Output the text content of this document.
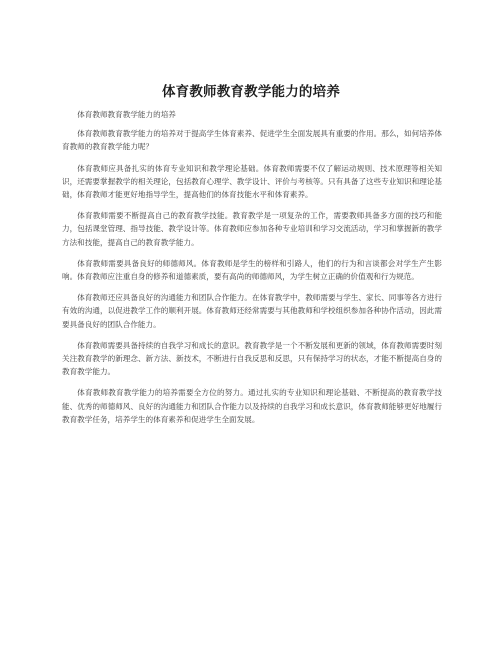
体育教师教育教学能力的培养

体育教师教育教学能力的培养

体育教师教育教学能力的培养对于提高学生体育素养、促进学生全面发展具有重要的作用。那么，如何培养体育教师的教育教学能力呢？

体育教师应具备扎实的体育专业知识和教学理论基础。体育教师需要不仅了解运动规则、技术原理等相关知识，还需要掌握教学的相关理论，包括教育心理学、教学设计、评价与考核等。只有具备了这些专业知识和理论基础，体育教师才能更好地指导学生，提高他们的体育技能水平和体育素养。

体育教师需要不断提高自己的教育教学技能。教育教学是一项复杂的工作，需要教师具备多方面的技巧和能力，包括课堂管理、指导技能、教学设计等。体育教师应参加各种专业培训和学习交流活动，学习和掌握新的教学方法和技能，提高自己的教育教学能力。

体育教师需要具备良好的师德师风。体育教师是学生的榜样和引路人，他们的行为和言谈都会对学生产生影响。体育教师应注重自身的修养和道德素质，要有高尚的师德师风，为学生树立正确的价值观和行为规范。

体育教师还应具备良好的沟通能力和团队合作能力。在体育教学中，教师需要与学生、家长、同事等各方进行有效的沟通，以促进教学工作的顺利开展。体育教师还经常需要与其他教师和学校组织参加各种协作活动，因此需要具备良好的团队合作能力。

体育教师需要具备持续的自我学习和成长的意识。教育教学是一个不断发展和更新的领域，体育教师需要时刻关注教育教学的新理念、新方法、新技术，不断进行自我反思和反思，只有保持学习的状态，才能不断提高自身的教育教学能力。

体育教师教育教学能力的培养需要全方位的努力。通过扎实的专业知识和理论基础、不断提高的教育教学技能、优秀的师德师风、良好的沟通能力和团队合作能力以及持续的自我学习和成长意识，体育教师能够更好地履行教育教学任务，培养学生的体育素养和促进学生全面发展。
